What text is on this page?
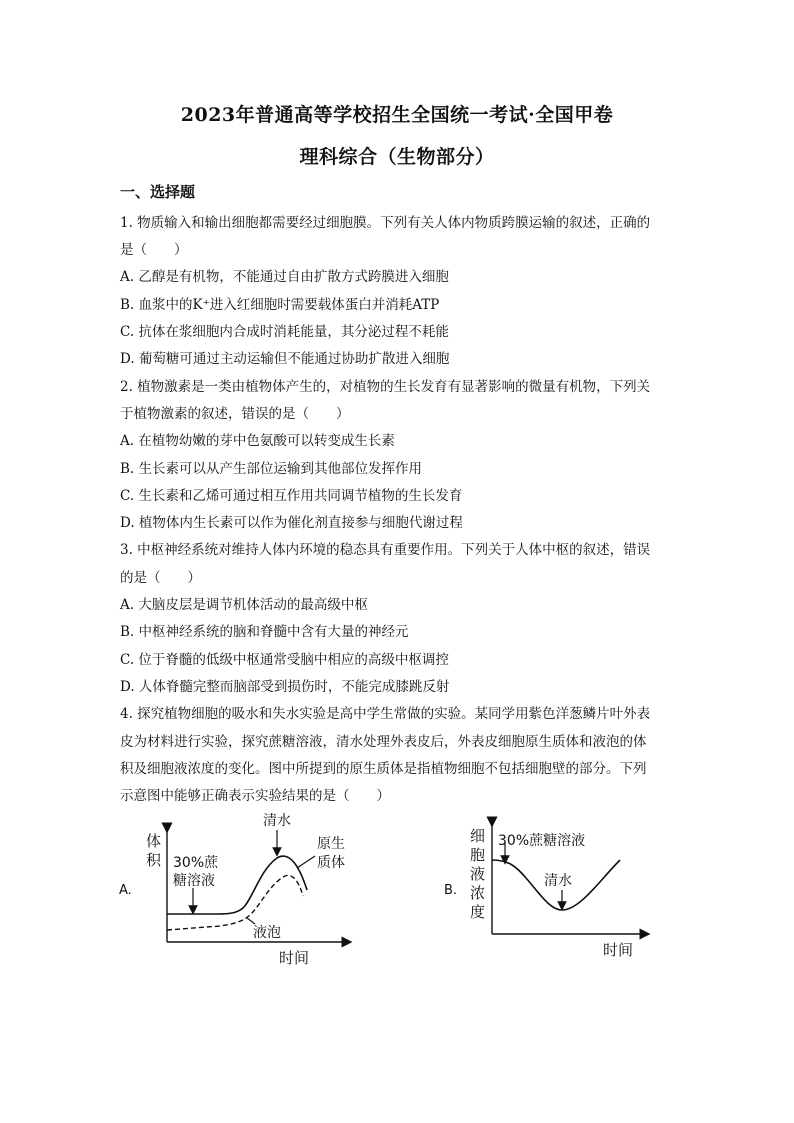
2023年普通高等学校招生全国统一考试·全国甲卷
理科综合（生物部分）
一、选择题
1. 物质输入和输出细胞都需要经过细胞膜。下列有关人体内物质跨膜运输的叙述，正确的
是（　　）
A. 乙醇是有机物，不能通过自由扩散方式跨膜进入细胞
B. 血浆中的K⁺进入红细胞时需要载体蛋白并消耗ATP
C. 抗体在浆细胞内合成时消耗能量，其分泌过程不耗能
D. 葡萄糖可通过主动运输但不能通过协助扩散进入细胞
2. 植物激素是一类由植物体产生的，对植物的生长发育有显著影响的微量有机物，下列关
于植物激素的叙述，错误的是（　　）
A. 在植物幼嫩的芽中色氨酸可以转变成生长素
B. 生长素可以从产生部位运输到其他部位发挥作用
C. 生长素和乙烯可通过相互作用共同调节植物的生长发育
D. 植物体内生长素可以作为催化剂直接参与细胞代谢过程
3. 中枢神经系统对维持人体内环境的稳态具有重要作用。下列关于人体中枢的叙述，错误
的是（　　）
A. 大脑皮层是调节机体活动的最高级中枢
B. 中枢神经系统的脑和脊髓中含有大量的神经元
C. 位于脊髓的低级中枢通常受脑中相应的高级中枢调控
D. 人体脊髓完整而脑部受到损伤时，不能完成膝跳反射
4. 探究植物细胞的吸水和失水实验是高中学生常做的实验。某同学用紫色洋葱鳞片叶外表
皮为材料进行实验，探究蔗糖溶液，清水处理外表皮后，外表皮细胞原生质体和液泡的体
积及细胞液浓度的变化。图中所提到的原生质体是指植物细胞不包括细胞壁的部分。下列
示意图中能够正确表示实验结果的是（　　）
A.
体
积
时间
30%蔗
糖溶液
清水
原生
质体
液泡
B.
细
胞
液
浓
度
时间
30%蔗糖溶液
清水
